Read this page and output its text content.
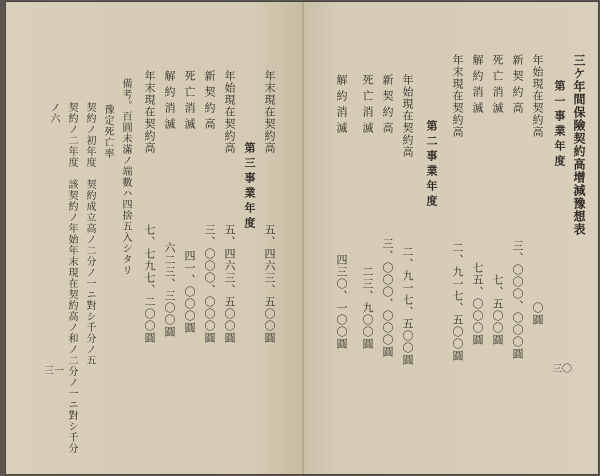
三〇
三ケ年間保險契約高增減豫想表
第一事業年度
年始現在契約高
〇圓
新契約高
三、〇〇〇、〇〇〇圓
死亡消滅
七、五〇〇圓
解約消滅
七五、〇〇〇圓
年末現在契約高
二、九一七、五〇〇圓
第二事業年度
年始現在契約高
二、九一七、五〇〇圓
新契約高
三、〇〇〇、〇〇〇圓
死亡消滅
二三、九〇〇圓
解約消滅
四三〇、一〇〇圓
三一
年末現在契約高
五、四六三、五〇〇圓
第三事業年度
年始現在契約高
五、四六三、五〇〇圓
新契約高
三、〇〇〇、〇〇〇圓
死亡消滅
四一、〇〇〇圓
解約消滅
六二三、三〇〇圓
年末現在契約高
七、七九七、二〇〇圓
備考。百圓未滿ノ端數ハ四捨五入シタリ
豫定死亡率
契約ノ初年度　契約成立高ノ二分ノ一ニ對シ千分ノ五
契約ノ二年度　該契約ノ年始年末現在契約高ノ和ノ二分ノ一ニ對シ千分
ノ六
